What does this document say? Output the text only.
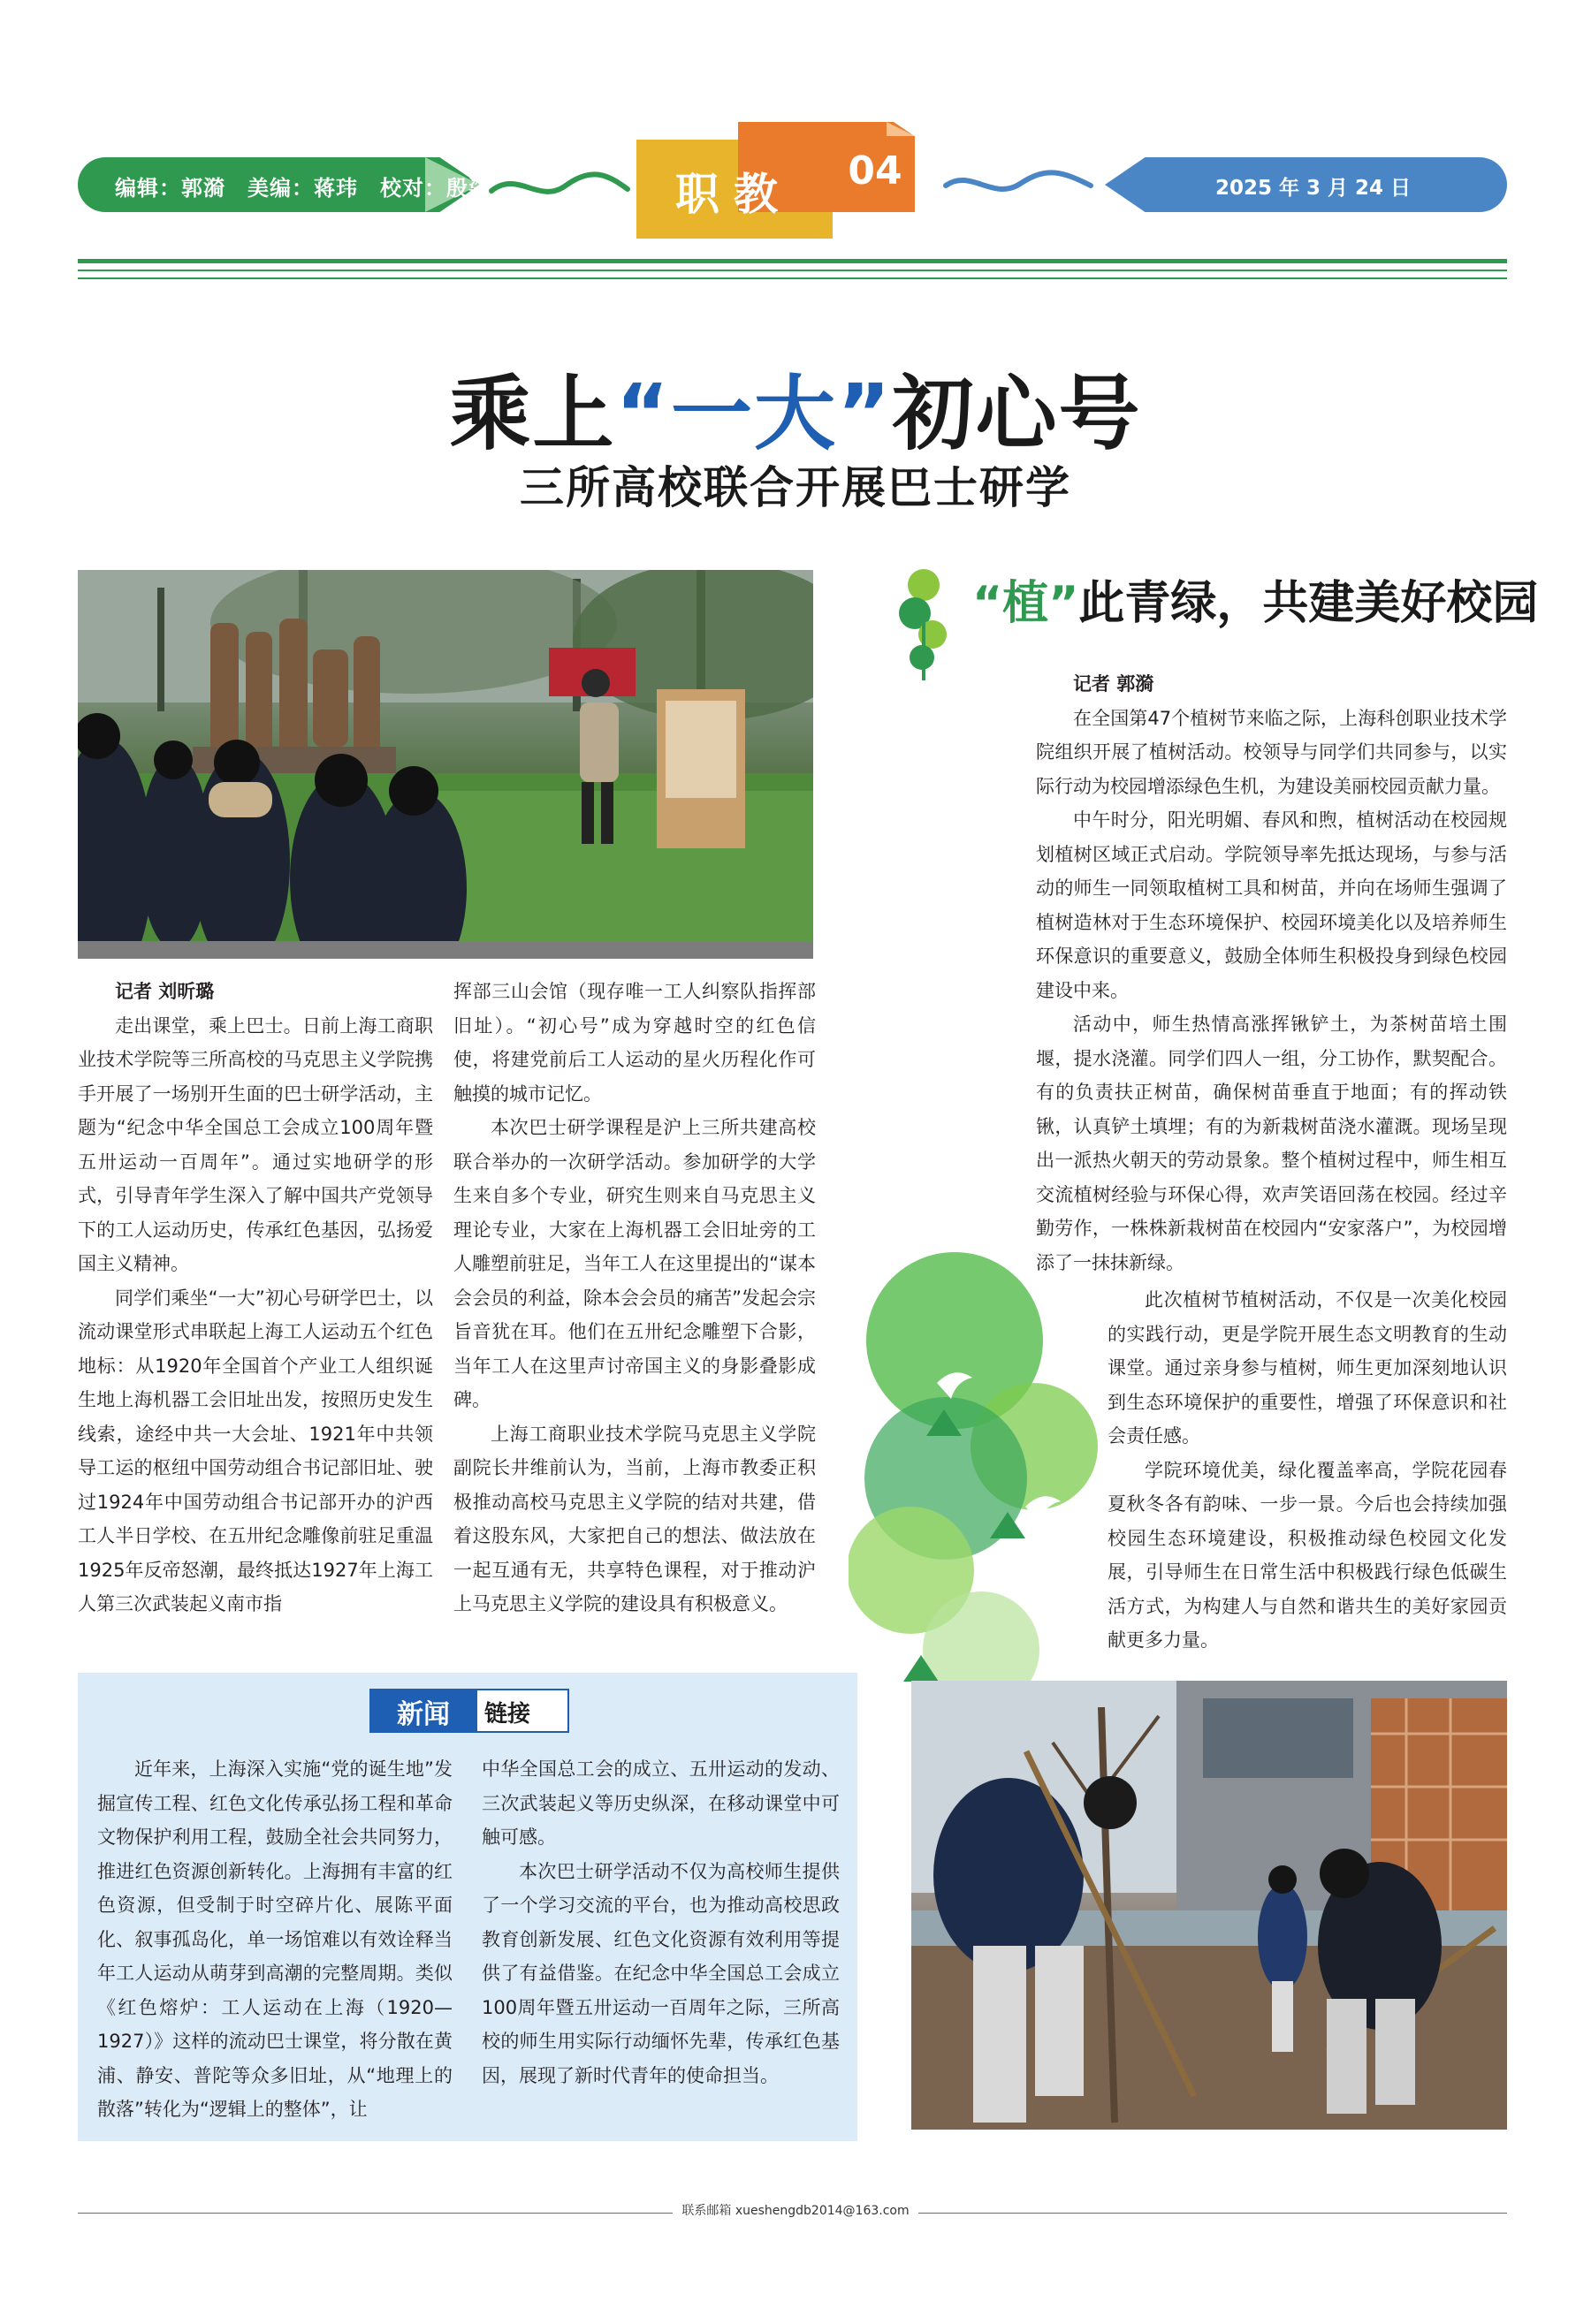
编辑：郭漪　美编：蒋玮　校对：殷姿	职教	04	2025 年 3 月 24 日
乘上“一大”初心号
三所高校联合开展巴士研学

记者 刘昕璐

走出课堂，乘上巴士。日前上海工商职业技术学院等三所高校的马克思主义学院携手开展了一场别开生面的巴士研学活动，主题为“纪念中华全国总工会成立100周年暨五卅运动一百周年”。通过实地研学的形式，引导青年学生深入了解中国共产党领导下的工人运动历史，传承红色基因，弘扬爱国主义精神。

同学们乘坐“一大”初心号研学巴士，以流动课堂形式串联起上海工人运动五个红色地标：从1920年全国首个产业工人组织诞生地上海机器工会旧址出发，按照历史发生线索，途经中共一大会址、1921年中共领导工运的枢纽中国劳动组合书记部旧址、驶过1924年中国劳动组合书记部开办的沪西工人半日学校、在五卅纪念雕像前驻足重温1925年反帝怒潮，最终抵达1927年上海工人第三次武装起义南市指

挥部三山会馆（现存唯一工人纠察队指挥部旧址）。“初心号”成为穿越时空的红色信使，将建党前后工人运动的星火历程化作可触摸的城市记忆。

本次巴士研学课程是沪上三所共建高校联合举办的一次研学活动。参加研学的大学生来自多个专业，研究生则来自马克思主义理论专业，大家在上海机器工会旧址旁的工人雕塑前驻足，当年工人在这里提出的“谋本会会员的利益，除本会会员的痛苦”发起会宗旨音犹在耳。他们在五卅纪念雕塑下合影，当年工人在这里声讨帝国主义的身影叠影成碑。

上海工商职业技术学院马克思主义学院副院长井维前认为，当前，上海市教委正积极推动高校马克思主义学院的结对共建，借着这股东风，大家把自己的想法、做法放在一起互通有无，共享特色课程，对于推动沪上马克思主义学院的建设具有积极意义。

“植”此青绿，共建美好校园

记者 郭漪

在全国第47个植树节来临之际，上海科创职业技术学院组织开展了植树活动。校领导与同学们共同参与，以实际行动为校园增添绿色生机，为建设美丽校园贡献力量。

中午时分，阳光明媚、春风和煦，植树活动在校园规划植树区域正式启动。学院领导率先抵达现场，与参与活动的师生一同领取植树工具和树苗，并向在场师生强调了植树造林对于生态环境保护、校园环境美化以及培养师生环保意识的重要意义，鼓励全体师生积极投身到绿色校园建设中来。

活动中，师生热情高涨挥锹铲土，为茶树苗培土围堰，提水浇灌。同学们四人一组，分工协作，默契配合。有的负责扶正树苗，确保树苗垂直于地面；有的挥动铁锹，认真铲土填埋；有的为新栽树苗浇水灌溉。现场呈现出一派热火朝天的劳动景象。整个植树过程中，师生相互交流植树经验与环保心得，欢声笑语回荡在校园。经过辛勤劳作，一株株新栽树苗在校园内“安家落户”，为校园增添了一抹抹新绿。

此次植树节植树活动，不仅是一次美化校园的实践行动，更是学院开展生态文明教育的生动课堂。通过亲身参与植树，师生更加深刻地认识到生态环境保护的重要性，增强了环保意识和社会责任感。

学院环境优美，绿化覆盖率高，学院花园春夏秋冬各有韵味、一步一景。今后也会持续加强校园生态环境建设，积极推动绿色校园文化发展，引导师生在日常生活中积极践行绿色低碳生活方式，为构建人与自然和谐共生的美好家园贡献更多力量。

新闻	链接

近年来，上海深入实施“党的诞生地”发掘宣传工程、红色文化传承弘扬工程和革命文物保护利用工程，鼓励全社会共同努力，推进红色资源创新转化。上海拥有丰富的红色资源，但受制于时空碎片化、展陈平面化、叙事孤岛化，单一场馆难以有效诠释当年工人运动从萌芽到高潮的完整周期。类似《红色熔炉：工人运动在上海（1920—1927）》这样的流动巴士课堂，将分散在黄浦、静安、普陀等众多旧址，从“地理上的散落”转化为“逻辑上的整体”，让

中华全国总工会的成立、五卅运动的发动、三次武装起义等历史纵深，在移动课堂中可触可感。

本次巴士研学活动不仅为高校师生提供了一个学习交流的平台，也为推动高校思政教育创新发展、红色文化资源有效利用等提供了有益借鉴。在纪念中华全国总工会成立100周年暨五卅运动一百周年之际，三所高校的师生用实际行动缅怀先辈，传承红色基因，展现了新时代青年的使命担当。

联系邮箱 xueshengdb2014@163.com
